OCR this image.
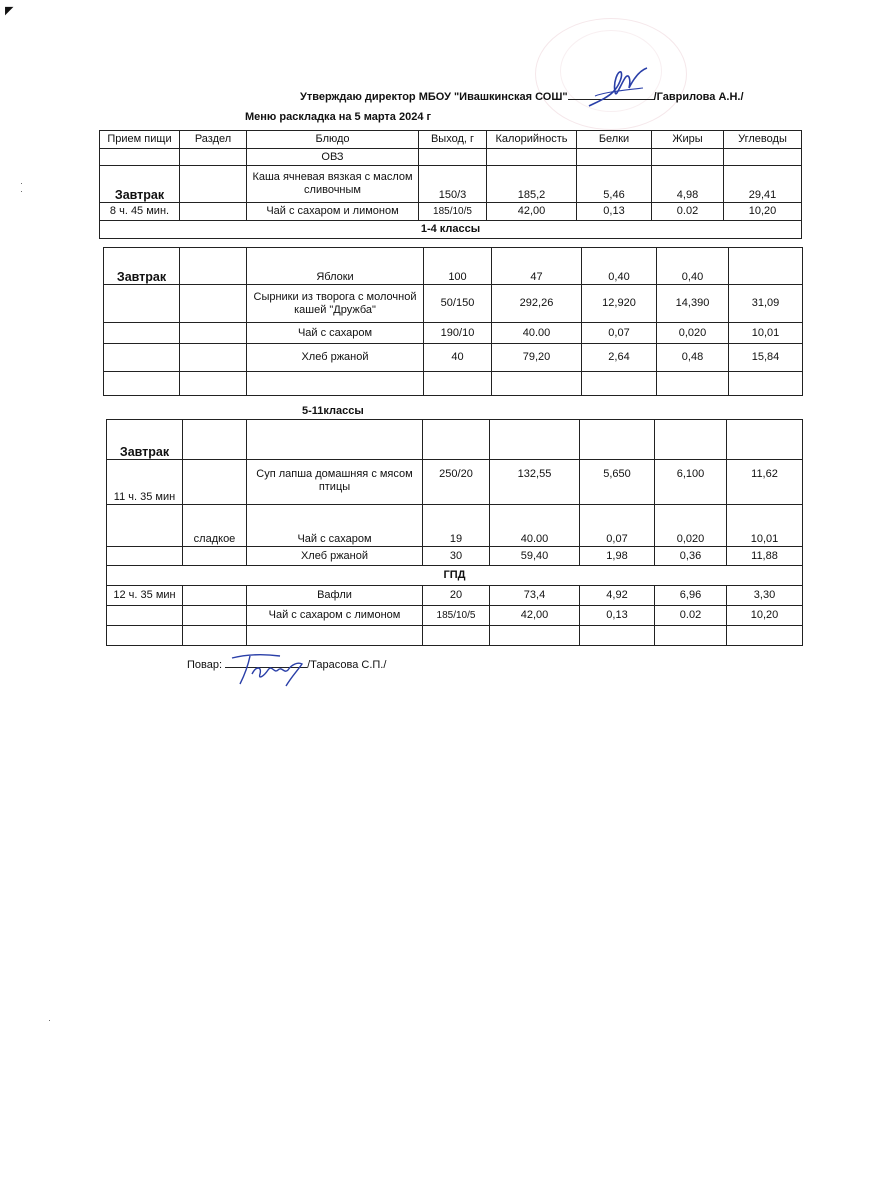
◤
·
·
·
Утверждаю директор МБОУ "Ивашкинская СОШ"	/Гаврилова А.Н./
Меню раскладка на 5 марта 2024 г
Прием пищи	Раздел	Блюдо	Выход, г	Калорийность	Белки	Жиры	Углеводы
		ОВЗ					
Завтрак		Каша ячневая вязкая с маслом сливочным	150/3	185,2	5,46	4,98	29,41
8 ч. 45 мин.		Чай с сахаром и лимоном	185/10/5	42,00	0,13	0.02	10,20
1-4 классы							
Завтрак		Яблоки	100	47	0,40	0,40	
		Сырники из творога с молочной кашей "Дружба"	50/150	292,26	12,920	14,390	31,09
		Чай с сахаром	190/10	40.00	0,07	0,020	10,01
		Хлеб ржаной	40	79,20	2,64	0,48	15,84

5-11классы
Завтрак							
11 ч. 35 мин		Суп лапша домашняя с мясом птицы	250/20	132,55	5,650	6,100	11,62
	сладкое	Чай с сахаром	19	40.00	0,07	0,020	10,01
		Хлеб ржаной	30	59,40	1,98	0,36	11,88
ГПД							
12 ч. 35 мин		Вафли	20	73,4	4,92	6,96	3,30
		Чай с сахаром с лимоном	185/10/5	42,00	0,13	0.02	10,20

Повар:	/Тарасова С.П./
